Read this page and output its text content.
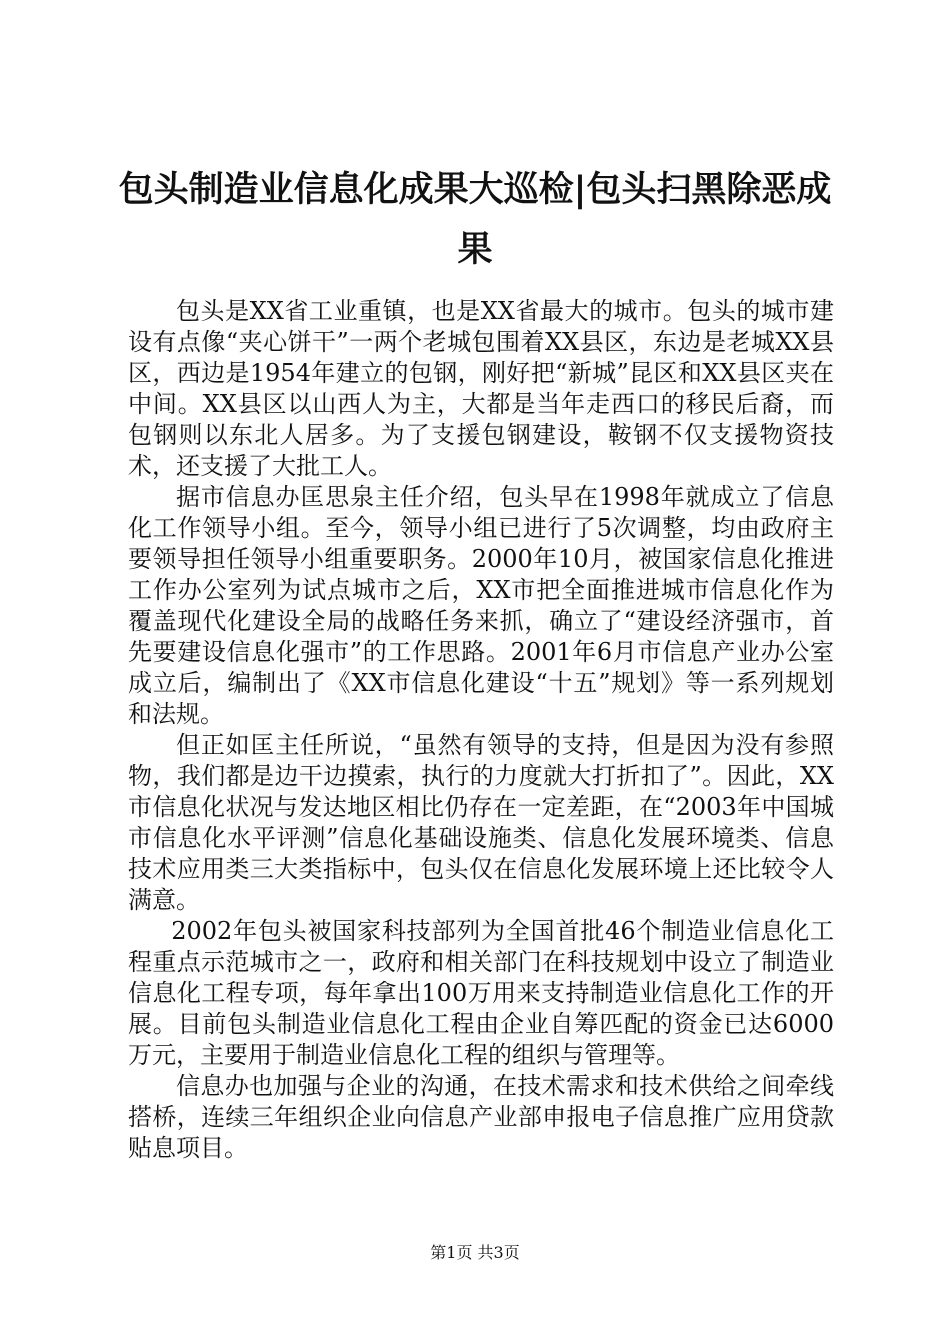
包头制造业信息化成果大巡检|包头扫黑除恶成果

包头是XX省工业重镇，也是XX省最大的城市。包头的城市建设有点像“夹心饼干”一两个老城包围着XX县区，东边是老城XX县区，西边是1954年建立的包钢，刚好把“新城”昆区和XX县区夹在中间。XX县区以山西人为主，大都是当年走西口的移民后裔，而包钢则以东北人居多。为了支援包钢建设，鞍钢不仅支援物资技术，还支援了大批工人。

据市信息办匡思泉主任介绍，包头早在1998年就成立了信息化工作领导小组。至今，领导小组已进行了5次调整，均由政府主要领导担任领导小组重要职务。2000年10月，被国家信息化推进工作办公室列为试点城市之后，XX市把全面推进城市信息化作为覆盖现代化建设全局的战略任务来抓，确立了“建设经济强市，首先要建设信息化强市”的工作思路。2001年6月市信息产业办公室成立后，编制出了《XX市信息化建设“十五”规划》等一系列规划和法规。

但正如匡主任所说，“虽然有领导的支持，但是因为没有参照物，我们都是边干边摸索，执行的力度就大打折扣了”。因此，XX市信息化状况与发达地区相比仍存在一定差距，在“2003年中国城市信息化水平评测”信息化基础设施类、信息化发展环境类、信息技术应用类三大类指标中，包头仅在信息化发展环境上还比较令人满意。

2002年包头被国家科技部列为全国首批46个制造业信息化工程重点示范城市之一，政府和相关部门在科技规划中设立了制造业信息化工程专项，每年拿出100万用来支持制造业信息化工作的开展。目前包头制造业信息化工程由企业自筹匹配的资金已达6000万元，主要用于制造业信息化工程的组织与管理等。

信息办也加强与企业的沟通，在技术需求和技术供给之间牵线搭桥，连续三年组织企业向信息产业部申报电子信息推广应用贷款贴息项目。

第1页 共3页
